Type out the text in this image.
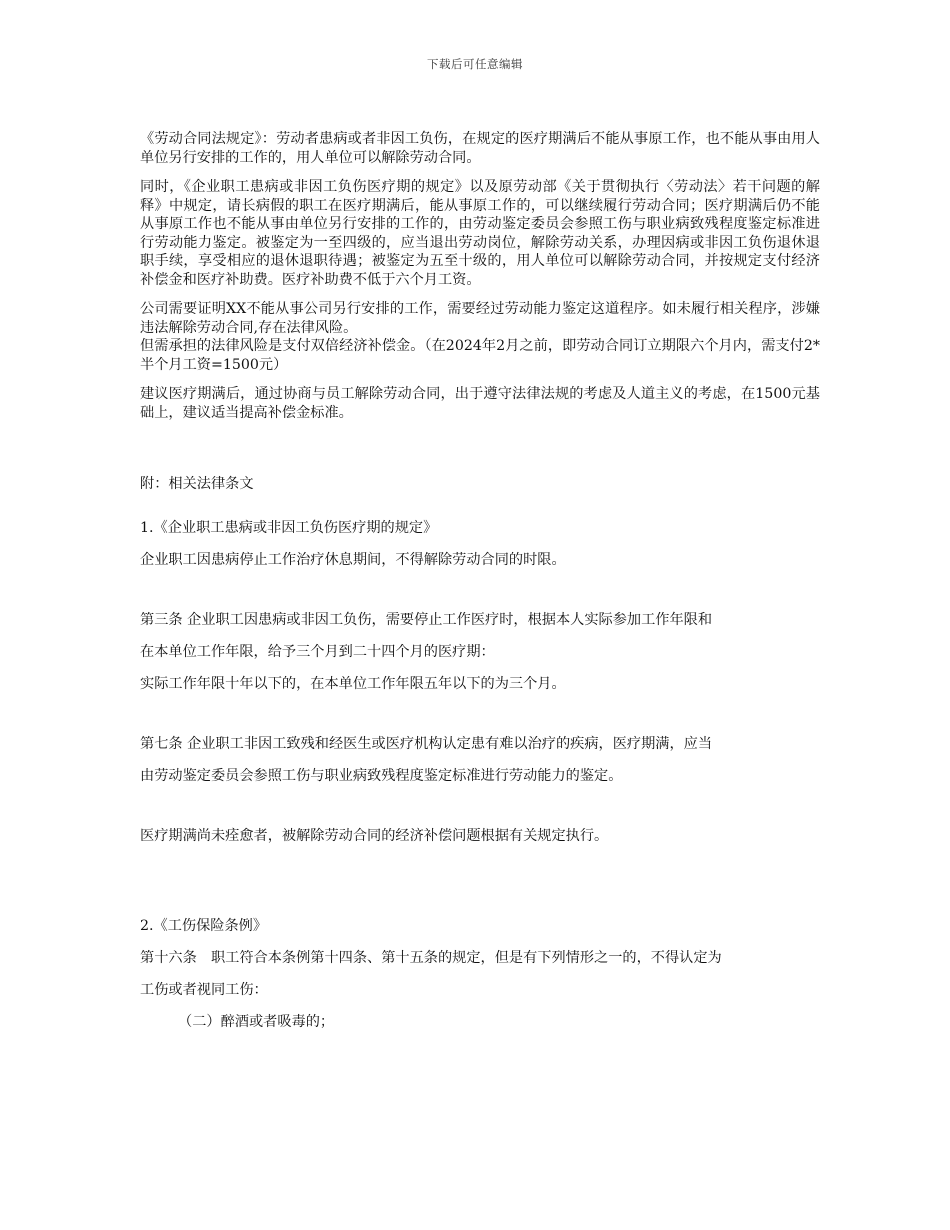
下载后可任意编辑

《劳动合同法规定》：劳动者患病或者非因工负伤，在规定的医疗期满后不能从事原工作，也不能从事由用人单位另行安排的工作的，用人单位可以解除劳动合同。

同时，《企业职工患病或非因工负伤医疗期的规定》以及原劳动部《关于贯彻执行〈劳动法〉若干问题的解释》中规定，请长病假的职工在医疗期满后，能从事原工作的，可以继续履行劳动合同；医疗期满后仍不能从事原工作也不能从事由单位另行安排的工作的，由劳动鉴定委员会参照工伤与职业病致残程度鉴定标准进行劳动能力鉴定。被鉴定为一至四级的，应当退出劳动岗位，解除劳动关系，办理因病或非因工负伤退休退职手续，享受相应的退休退职待遇；被鉴定为五至十级的，用人单位可以解除劳动合同，并按规定支付经济补偿金和医疗补助费。医疗补助费不低于六个月工资。

公司需要证明XX不能从事公司另行安排的工作，需要经过劳动能力鉴定这道程序。如未履行相关程序，涉嫌违法解除劳动合同,存在法律风险。

但需承担的法律风险是支付双倍经济补偿金。（在2024年2月之前，即劳动合同订立期限六个月内，需支付2*半个月工资=1500元）

建议医疗期满后，通过协商与员工解除劳动合同，出于遵守法律法规的考虑及人道主义的考虑，在1500元基础上，建议适当提高补偿金标准。

附：相关法律条文

1.《企业职工患病或非因工负伤医疗期的规定》

企业职工因患病停止工作治疗休息期间，不得解除劳动合同的时限。

第三条 企业职工因患病或非因工负伤，需要停止工作医疗时，根据本人实际参加工作年限和

在本单位工作年限，给予三个月到二十四个月的医疗期：

实际工作年限十年以下的，在本单位工作年限五年以下的为三个月。

第七条 企业职工非因工致残和经医生或医疗机构认定患有难以治疗的疾病，医疗期满，应当

由劳动鉴定委员会参照工伤与职业病致残程度鉴定标准进行劳动能力的鉴定。

医疗期满尚未痊愈者，被解除劳动合同的经济补偿问题根据有关规定执行。

2.《工伤保险条例》

第十六条　职工符合本条例第十四条、第十五条的规定，但是有下列情形之一的，不得认定为

工伤或者视同工伤：

（二）醉酒或者吸毒的；
